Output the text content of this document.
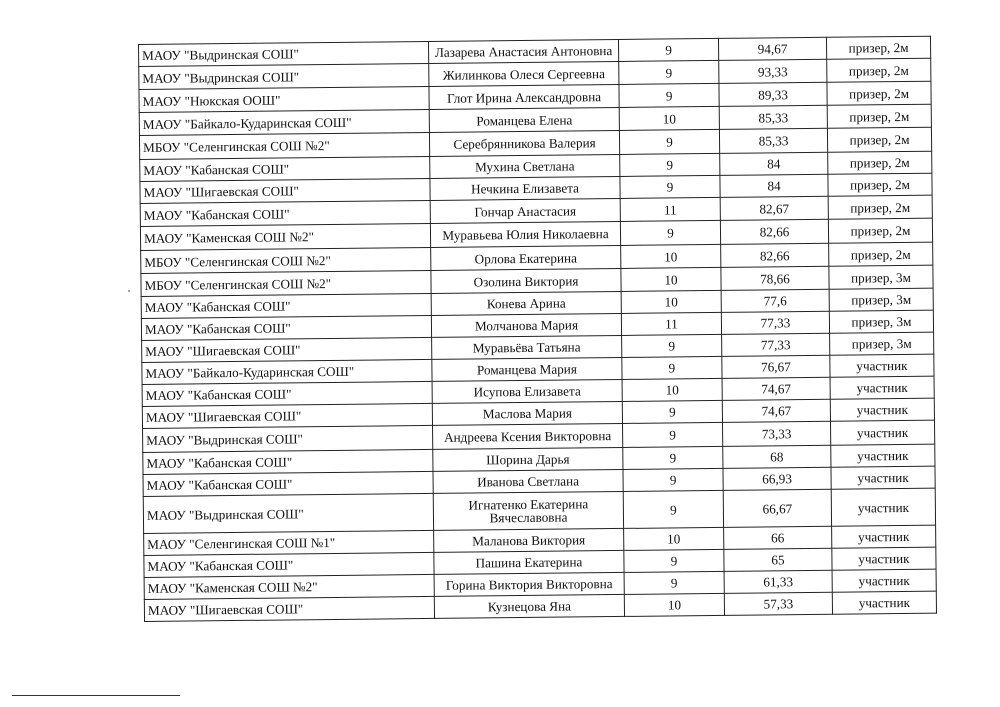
МАОУ "Выдринская СОШ"	Лазарева Анастасия Антоновна	9	94,67	призер, 2м
МАОУ "Выдринская СОШ"	Жилинкова Олеся Сергеевна	9	93,33	призер, 2м
МАОУ "Нюкская ООШ"	Глот Ирина Александровна	9	89,33	призер, 2м
МАОУ "Байкало-Кударинская СОШ"	Романцева Елена	10	85,33	призер, 2м
МБОУ "Селенгинская СОШ №2"	Серебрянникова Валерия	9	85,33	призер, 2м
МАОУ "Кабанская СОШ"	Мухина Светлана	9	84	призер, 2м
МАОУ "Шигаевская СОШ"	Нечкина Елизавета	9	84	призер, 2м
МАОУ "Кабанская СОШ"	Гончар Анастасия	11	82,67	призер, 2м
МАОУ "Каменская СОШ №2"	Муравьева Юлия Николаевна	9	82,66	призер, 2м
МБОУ "Селенгинская СОШ №2"	Орлова Екатерина	10	82,66	призер, 2м
МБОУ "Селенгинская СОШ №2"	Озолина Виктория	10	78,66	призер, 3м
МАОУ "Кабанская СОШ"	Конева Арина	10	77,6	призер, 3м
МАОУ "Кабанская СОШ"	Молчанова Мария	11	77,33	призер, 3м
МАОУ "Шигаевская СОШ"	Муравьёва Татьяна	9	77,33	призер, 3м
МАОУ "Байкало-Кударинская СОШ"	Романцева Мария	9	76,67	участник
МАОУ "Кабанская СОШ"	Исупова Елизавета	10	74,67	участник
МАОУ "Шигаевская СОШ"	Маслова Мария	9	74,67	участник
МАОУ "Выдринская СОШ"	Андреева Ксения Викторовна	9	73,33	участник
МАОУ "Кабанская СОШ"	Шорина Дарья	9	68	участник
МАОУ "Кабанская СОШ"	Иванова Светлана	9	66,93	участник
МАОУ "Выдринская СОШ"	Игнатенко Екатерина Вячеславовна	9	66,67	участник
МАОУ "Селенгинская СОШ №1"	Маланова Виктория	10	66	участник
МАОУ "Кабанская СОШ"	Пашина Екатерина	9	65	участник
МАОУ "Каменская СОШ №2"	Горина Виктория Викторовна	9	61,33	участник
МАОУ "Шигаевская СОШ"	Кузнецова Яна	10	57,33	участник
